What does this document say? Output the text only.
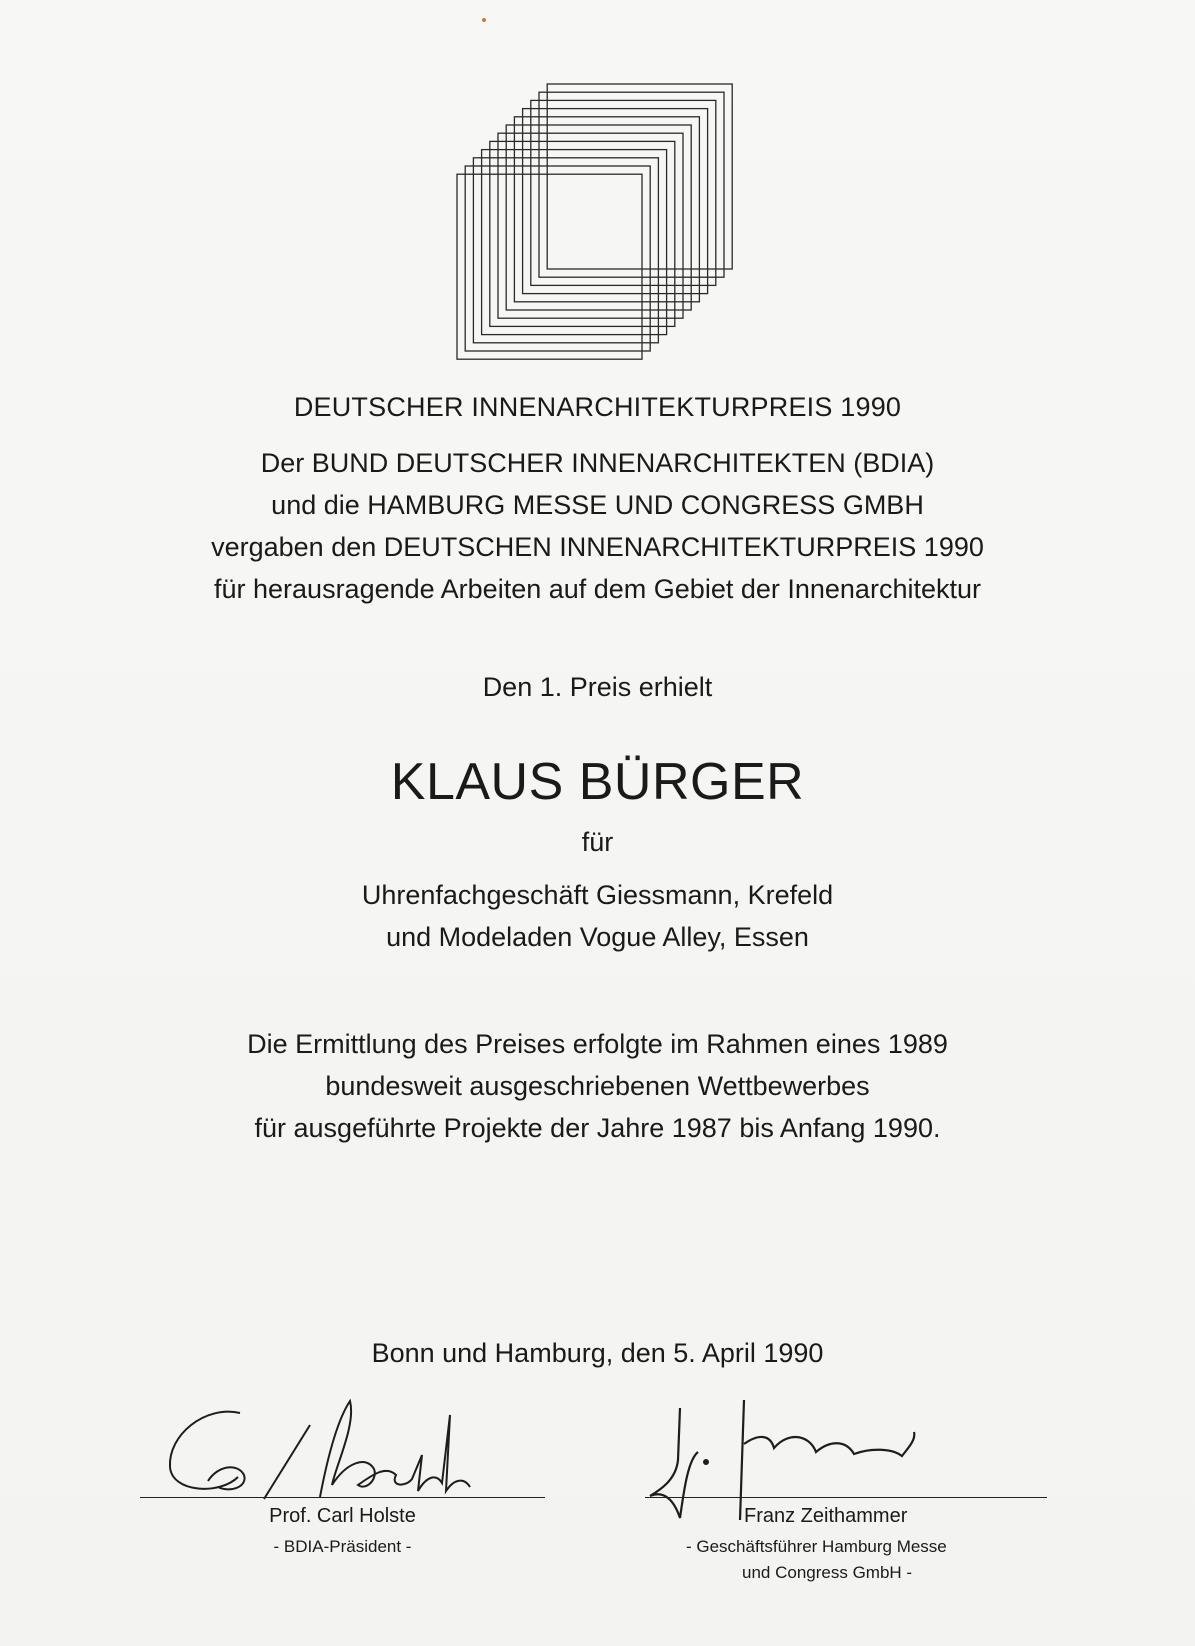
DEUTSCHER INNENARCHITEKTURPREIS 1990

Der BUND DEUTSCHER INNENARCHITEKTEN (BDIA)

und die HAMBURG MESSE UND CONGRESS GMBH

vergaben den DEUTSCHEN INNENARCHITEKTURPREIS 1990

für herausragende Arbeiten auf dem Gebiet der Innenarchitektur

Den 1. Preis erhielt

KLAUS BÜRGER

für

Uhrenfachgeschäft Giessmann, Krefeld

und Modeladen Vogue Alley, Essen

Die Ermittlung des Preises erfolgte im Rahmen eines 1989

bundesweit ausgeschriebenen Wettbewerbes

für ausgeführte Projekte der Jahre 1987 bis Anfang 1990.

Bonn und Hamburg, den 5. April 1990

Prof. Carl Holste
- BDIA-Präsident -
Franz Zeithammer
- Geschäftsführer Hamburg Messe
und Congress GmbH -
